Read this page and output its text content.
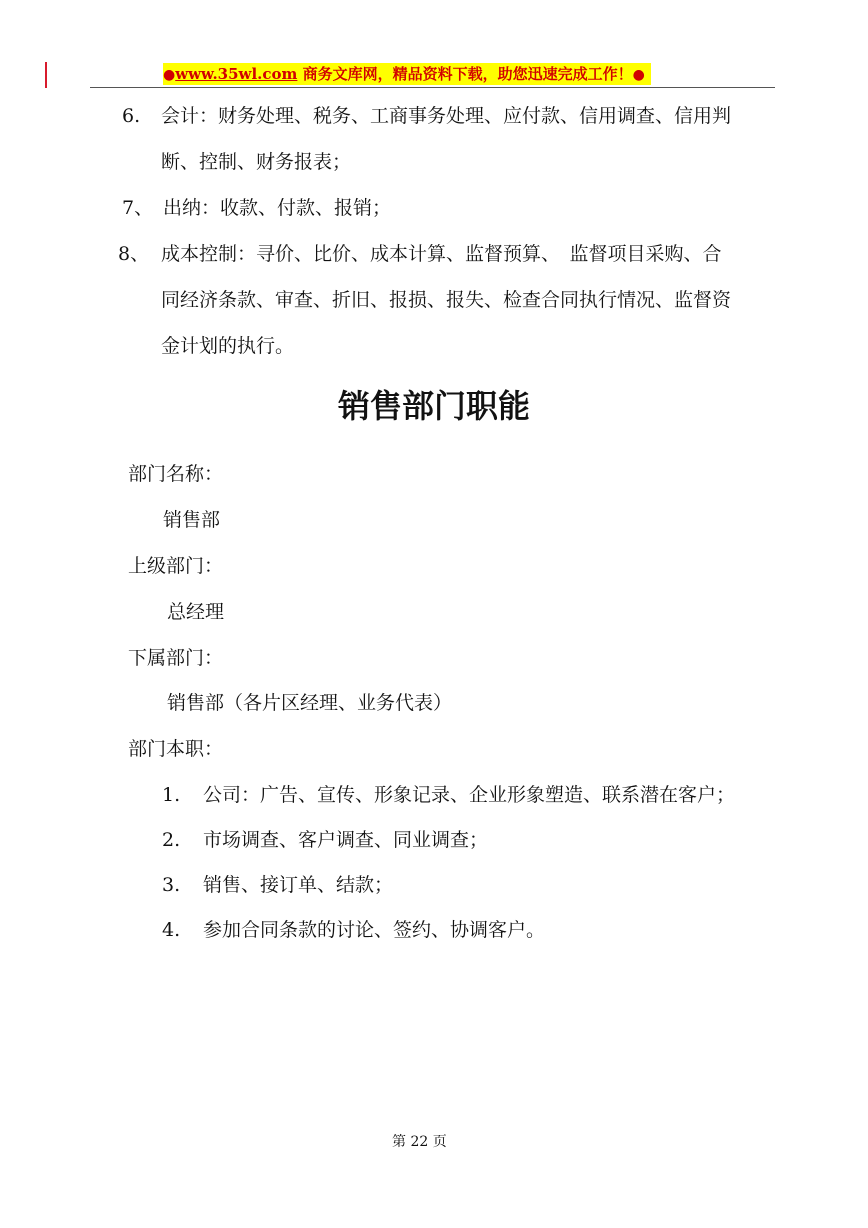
●www.35wl.com 商务文库网，精品资料下载，助您迅速完成工作！●
6. 会计：财务处理、税务、工商事务处理、应付款、信用调查、信用判
断、控制、财务报表；
7、 出纳：收款、付款、报销；
8、 成本控制：寻价、比价、成本计算、监督预算、　监督项目采购、合
同经济条款、审查、折旧、报损、报失、检查合同执行情况、监督资
金计划的执行。
销售部门职能
部门名称：
销售部
上级部门：
总经理
下属部门：
销售部（各片区经理、业务代表）
部门本职：
1. 公司：广告、宣传、形象记录、企业形象塑造、联系潜在客户；
2. 市场调查、客户调查、同业调查；
3. 销售、接订单、结款；
4. 参加合同条款的讨论、签约、协调客户。
第 22 页
